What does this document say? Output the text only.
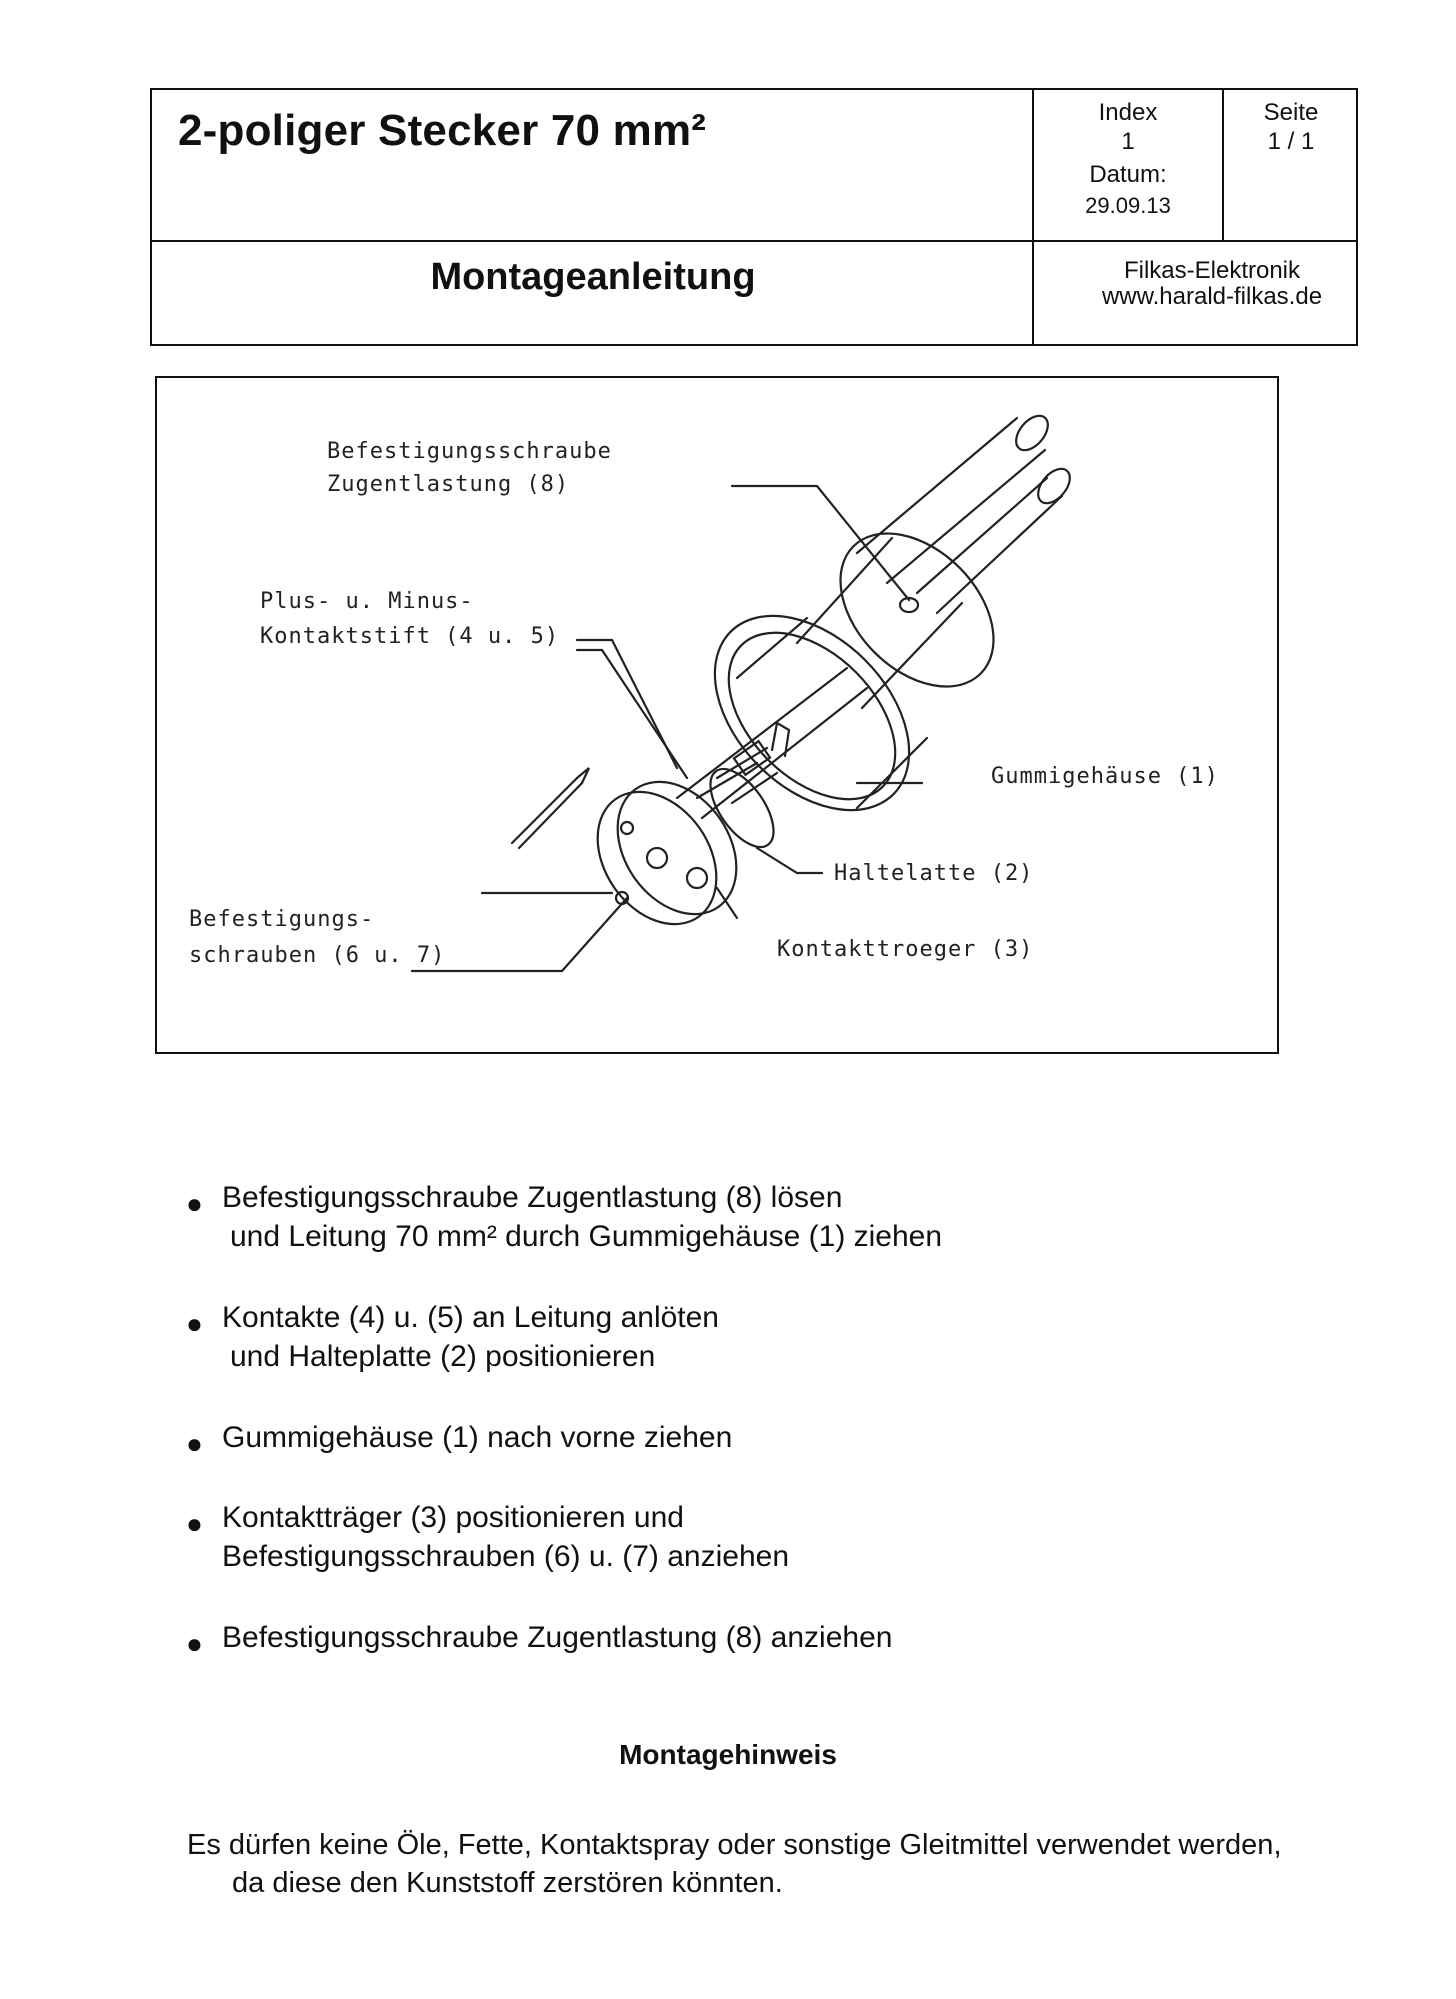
2-poliger Stecker 70 mm²
Montageanleitung
Index
1
Datum:
29.09.13
Seite
1 / 1
Filkas-Elektronik
www.harald-filkas.de
Befestigungsschraube
Zugentlastung (8)
Plus- u. Minus-
Kontaktstift (4 u. 5)
Gummigehäuse (1)
Haltelatte (2)
Befestigungs-
schrauben (6 u. 7)	Kontakttroeger (3)
● Befestigungsschraube Zugentlastung (8) lösen
und Leitung 70 mm² durch Gummigehäuse (1) ziehen
● Kontakte (4) u. (5) an Leitung anlöten
und Halteplatte (2) positionieren
● Gummigehäuse (1) nach vorne ziehen
● Kontaktträger (3) positionieren und
Befestigungsschrauben (6) u. (7) anziehen
● Befestigungsschraube Zugentlastung (8) anziehen
Montagehinweis
Es dürfen keine Öle, Fette, Kontaktspray oder sonstige Gleitmittel verwendet werden,
da diese den Kunststoff zerstören könnten.
